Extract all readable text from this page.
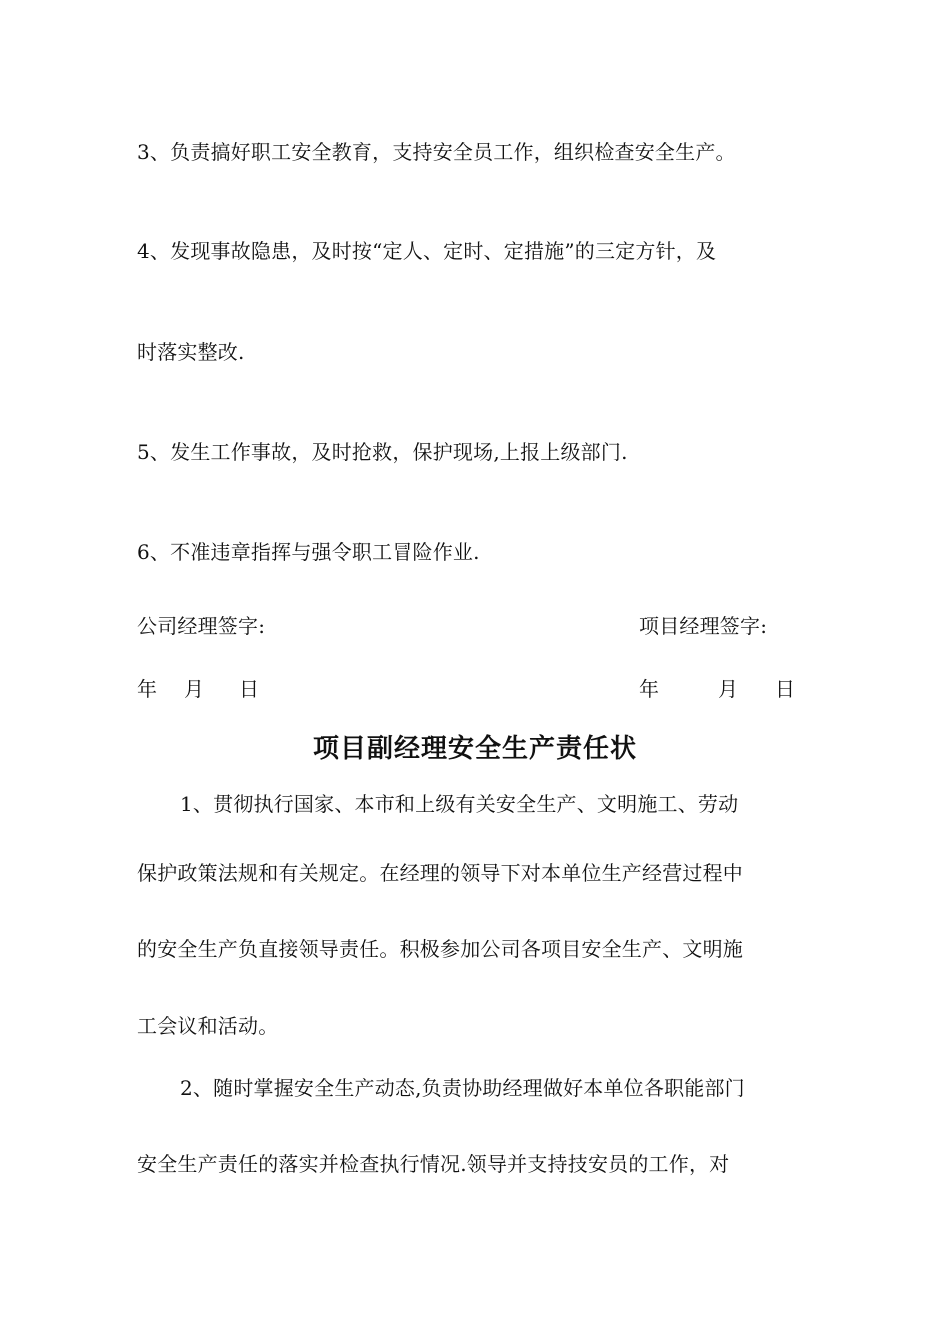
3、负责搞好职工安全教育，支持安全员工作，组织检查安全生产。
4、发现事故隐患，及时按“定人、定时、定措施”的三定方针，及
时落实整改.
5、发生工作事故，及时抢救，保护现场,上报上级部门.
6、不准违章指挥与强令职工冒险作业.
公司经理签字:	项目经理签字:
年 月 日	年	月 日
项目副经理安全生产责任状
1、贯彻执行国家、本市和上级有关安全生产、文明施工、劳动
保护政策法规和有关规定。在经理的领导下对本单位生产经营过程中
的安全生产负直接领导责任。积极参加公司各项目安全生产、文明施
工会议和活动。
2、随时掌握安全生产动态,负责协助经理做好本单位各职能部门
安全生产责任的落实并检查执行情况.领导并支持技安员的工作，对
